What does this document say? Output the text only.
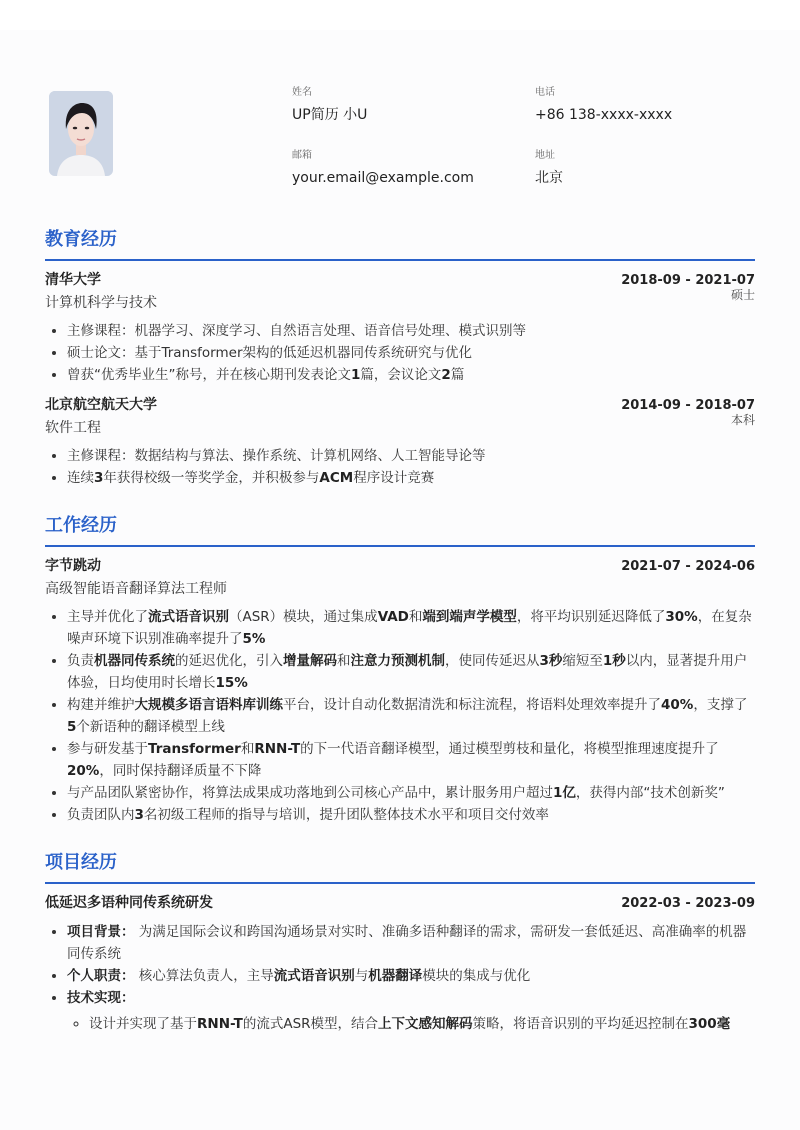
姓名
UP简历 小U
电话
+86 138-xxxx-xxxx
邮箱
your.email@example.com
地址
北京
教育经历
清华大学	2018-09 - 2021-07
计算机科学与技术	硕士
• 主修课程：机器学习、深度学习、自然语言处理、语音信号处理、模式识别等
• 硕士论文：基于Transformer架构的低延迟机器同传系统研究与优化
• 曾获“优秀毕业生”称号，并在核心期刊发表论文1篇，会议论文2篇
北京航空航天大学	2014-09 - 2018-07
软件工程	本科
• 主修课程：数据结构与算法、操作系统、计算机网络、人工智能导论等
• 连续3年获得校级一等奖学金，并积极参与ACM程序设计竞赛
工作经历
字节跳动	2021-07 - 2024-06
高级智能语音翻译算法工程师
• 主导并优化了流式语音识别（ASR）模块，通过集成VAD和端到端声学模型，将平均识别延迟降低了30%，在复杂噪声环境下识别准确率提升了5%
• 负责机器同传系统的延迟优化，引入增量解码和注意力预测机制，使同传延迟从3秒缩短至1秒以内，显著提升用户体验，日均使用时长增长15%
• 构建并维护大规模多语言语料库训练平台，设计自动化数据清洗和标注流程，将语料处理效率提升了40%，支撑了5个新语种的翻译模型上线
• 参与研发基于Transformer和RNN-T的下一代语音翻译模型，通过模型剪枝和量化，将模型推理速度提升了20%，同时保持翻译质量不下降
• 与产品团队紧密协作，将算法成果成功落地到公司核心产品中，累计服务用户超过1亿，获得内部“技术创新奖”
• 负责团队内3名初级工程师的指导与培训，提升团队整体技术水平和项目交付效率
项目经历
低延迟多语种同传系统研发	2022-03 - 2023-09
• 项目背景： 为满足国际会议和跨国沟通场景对实时、准确多语种翻译的需求，需研发一套低延迟、高准确率的机器同传系统
• 个人职责： 核心算法负责人，主导流式语音识别与机器翻译模块的集成与优化
• 技术实现：
◦ 设计并实现了基于RNN-T的流式ASR模型，结合上下文感知解码策略，将语音识别的平均延迟控制在300毫
